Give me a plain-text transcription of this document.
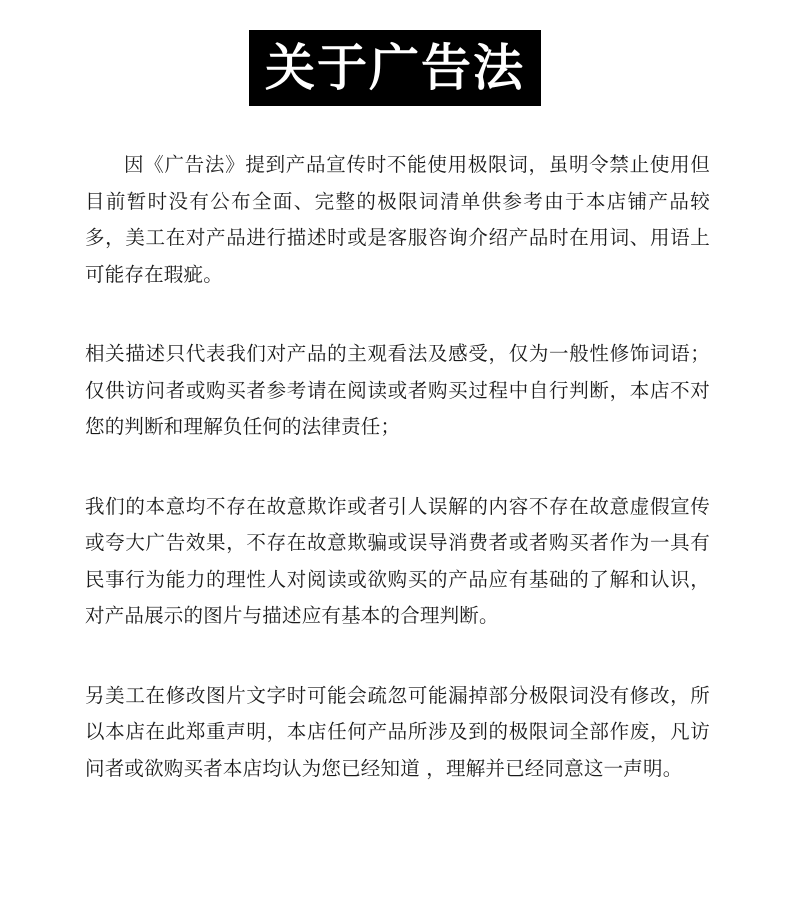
关于广告法

因《广告法》提到产品宣传时不能使用极限词，虽明令禁止使用但目前暂时没有公布全面、完整的极限词清单供参考由于本店铺产品较多，美工在对产品进行描述时或是客服咨询介绍产品时在用词、用语上可能存在瑕疵。

相关描述只代表我们对产品的主观看法及感受，仅为一般性修饰词语；仅供访问者或购买者参考请在阅读或者购买过程中自行判断，本店不对您的判断和理解负任何的法律责任；

我们的本意均不存在故意欺诈或者引人误解的内容不存在故意虚假宣传或夸大广告效果，不存在故意欺骗或误导消费者或者购买者作为一具有民事行为能力的理性人对阅读或欲购买的产品应有基础的了解和认识，对产品展示的图片与描述应有基本的合理判断。

另美工在修改图片文字时可能会疏忽可能漏掉部分极限词没有修改，所以本店在此郑重声明，本店任何产品所涉及到的极限词全部作废，凡访问者或欲购买者本店均认为您已经知道 ，理解并已经同意这一声明。
